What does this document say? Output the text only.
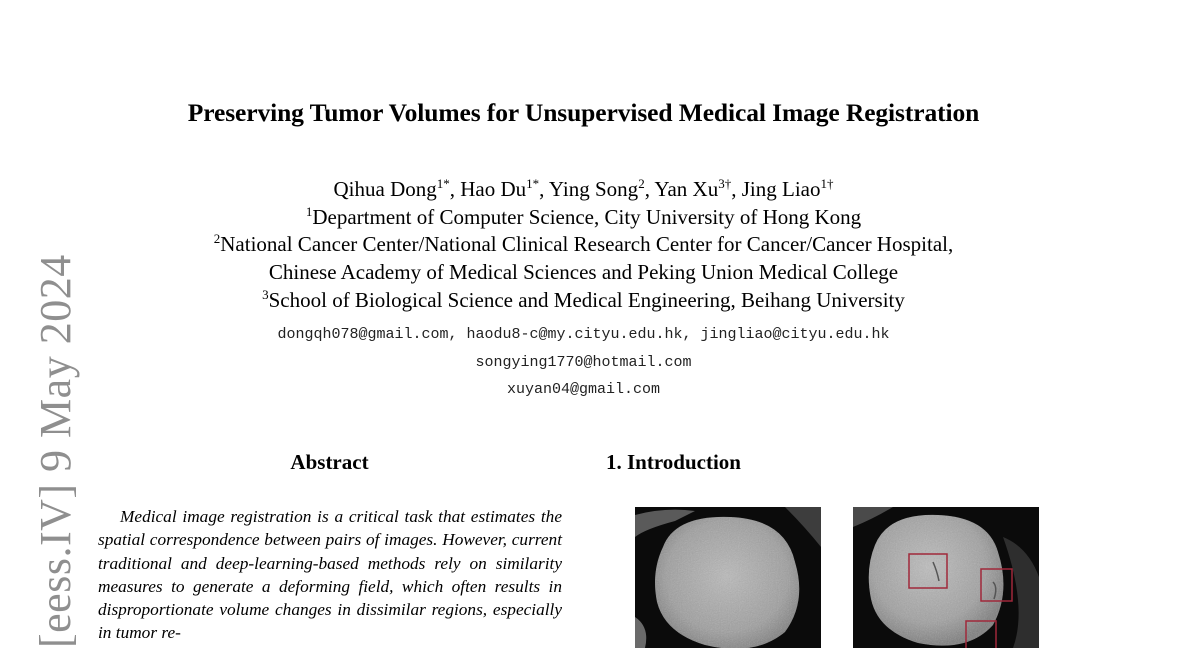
Preserving Tumor Volumes for Unsupervised Medical Image Registration
Qihua Dong$^{1*}$, Hao $Du^{1*}$, Ying Song$^2$, Yan $Xu^{3\dagger}$, Jing Liao$^{1\dagger}$
$^1$Department of Computer Science, City University of Hong Kong
$^2$National Cancer Center/National Clinical Research Center for Cancer/Cancer Hospital,
Chinese Academy of Medical Sciences and Peking Union Medical College
$^3$School of Biological Science and Medical Engineering, Beihang University
dongqh078@gmail.com, haodu8-c@my.cityu.edu.hk, jingliao@cityu.edu.hk
songying1770@hotmail.com
xuyan04@gmail.com
[eess.IV] 9 May 2024	Abstract
Medical image registration is a critical task that estimates the spatial correspondence between pairs of images. However, current traditional and deep-learning-based methods rely on similarity measures to generate a deforming field, which often results in disproportionate volume changes in dissimilar regions, especially in tumor re-
1. Introduction
